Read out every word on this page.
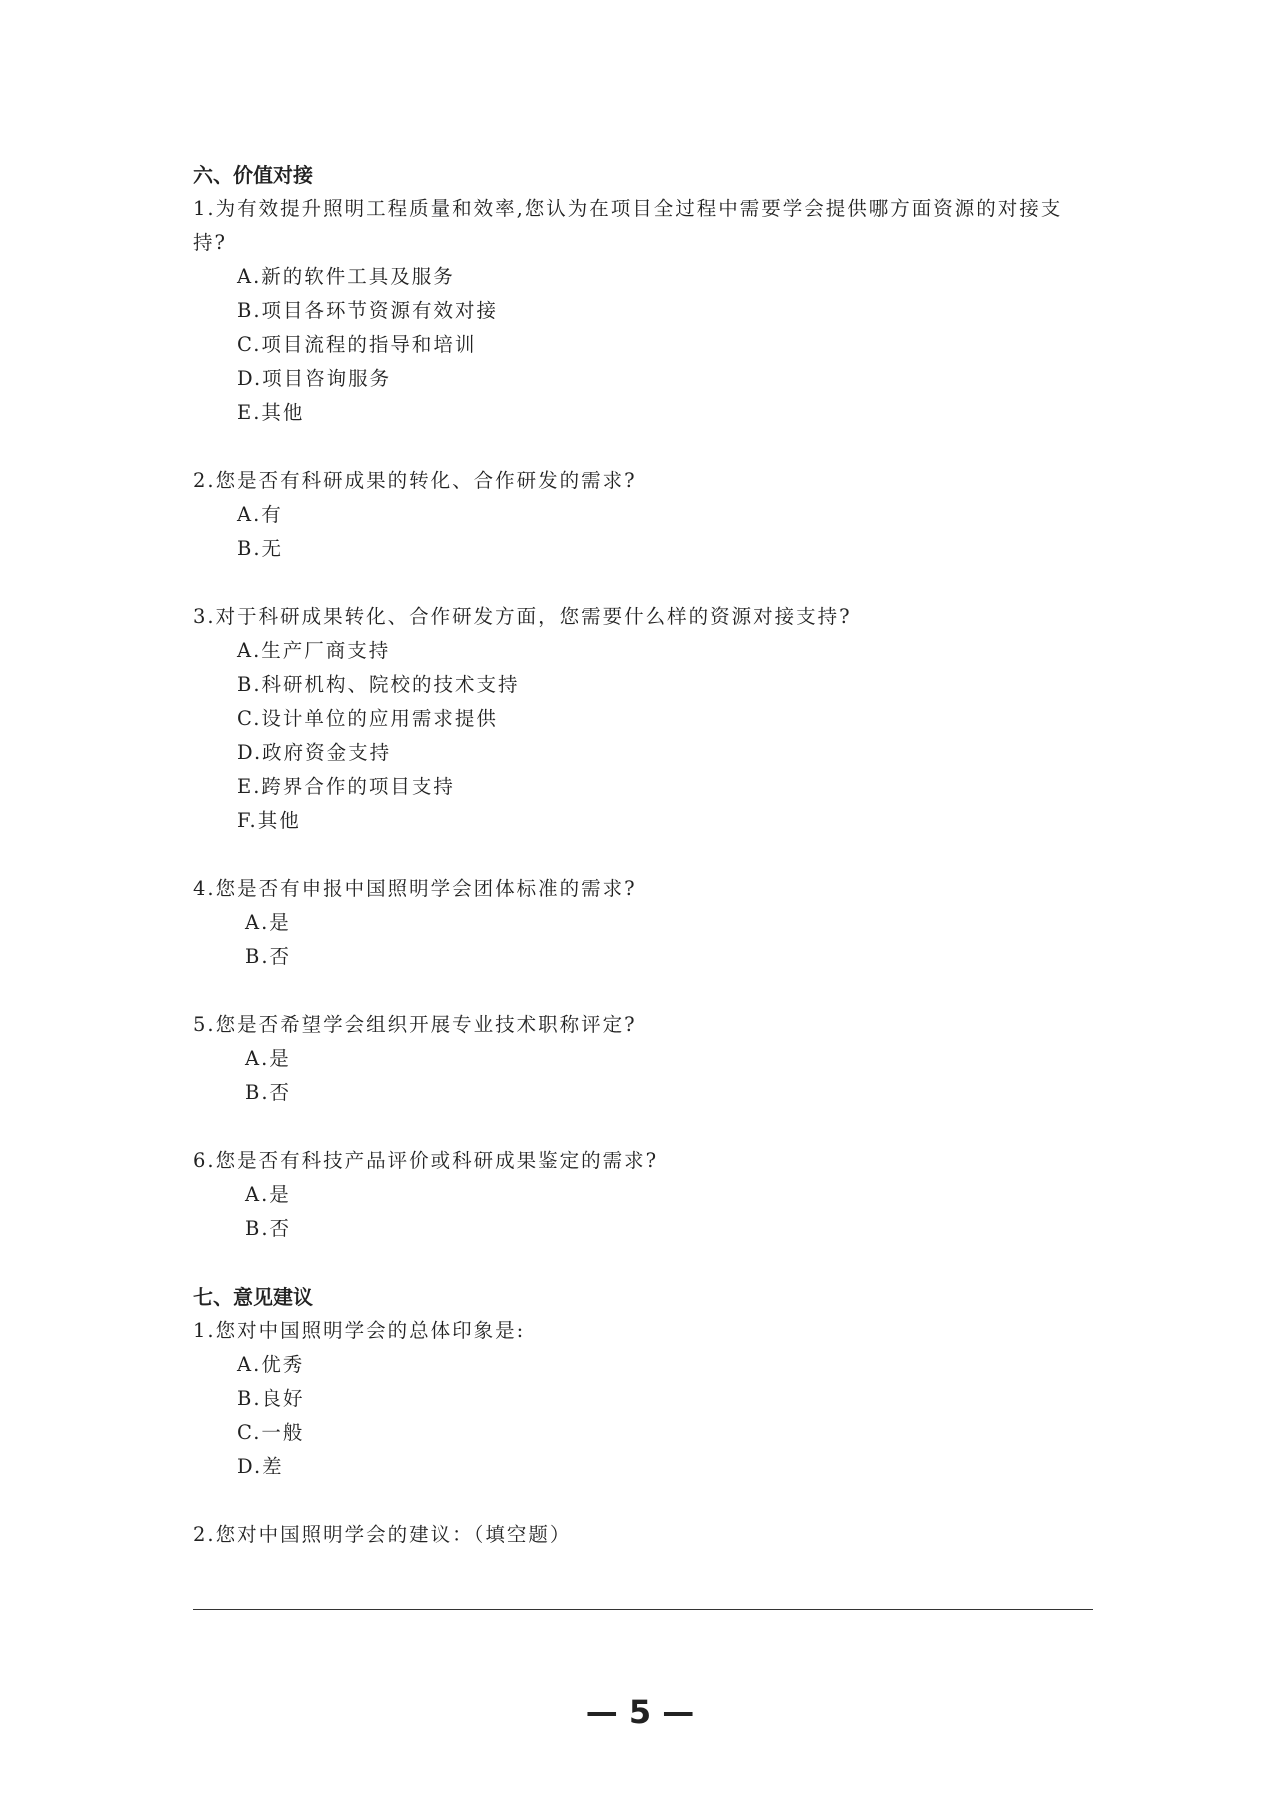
六、价值对接
1.为有效提升照明工程质量和效率,您认为在项目全过程中需要学会提供哪方面资源的对接支持?
A.新的软件工具及服务
B.项目各环节资源有效对接
C.项目流程的指导和培训
D.项目咨询服务
E.其他
2.您是否有科研成果的转化、合作研发的需求?
A.有
B.无
3.对于科研成果转化、合作研发方面，您需要什么样的资源对接支持?
A.生产厂商支持
B.科研机构、院校的技术支持
C.设计单位的应用需求提供
D.政府资金支持
E.跨界合作的项目支持
F.其他
4.您是否有申报中国照明学会团体标准的需求?
A.是
B.否
5.您是否希望学会组织开展专业技术职称评定?
A.是
B.否
6.您是否有科技产品评价或科研成果鉴定的需求?
A.是
B.否
七、意见建议
1.您对中国照明学会的总体印象是:
A.优秀
B.良好
C.一般
D.差
2.您对中国照明学会的建议：（填空题）
— 5 —
